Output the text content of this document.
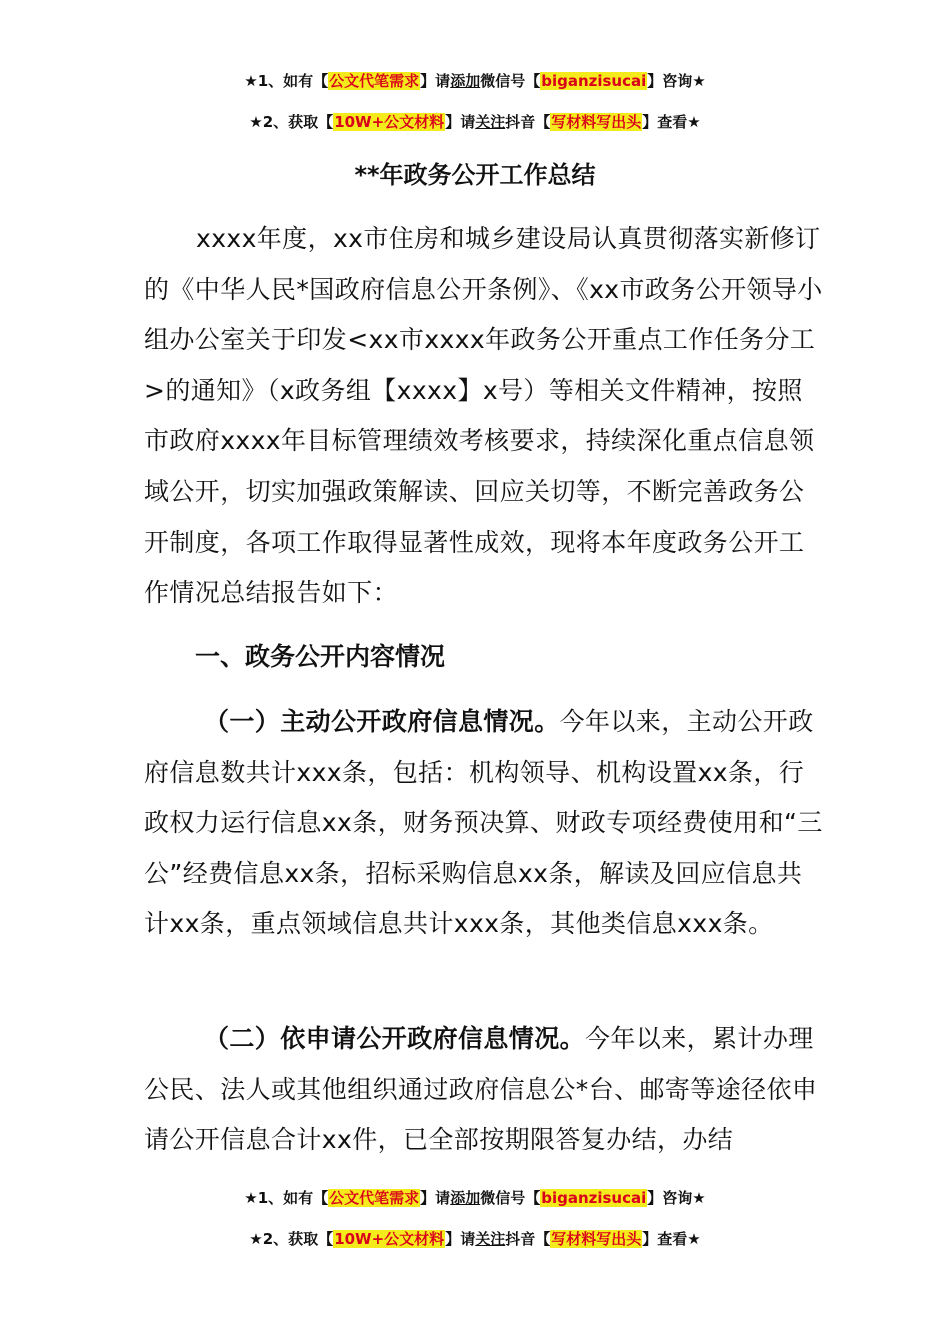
★1、如有【公文代笔需求】请添加微信号【biganzisucai】咨询★
★2、获取【10W+公文材料】请关注抖音【写材料写出头】查看★
**年政务公开工作总结
xxxx年度，xx市住房和城乡建设局认真贯彻落实新修订的《中华人民*国政府信息公开条例》、《xx市政务公开领导小组办公室关于印发<xx市xxxx年政务公开重点工作任务分工>的通知》（x政务组【xxxx】x号）等相关文件精神，按照市政府xxxx年目标管理绩效考核要求，持续深化重点信息领域公开，切实加强政策解读、回应关切等，不断完善政务公开制度，各项工作取得显著性成效，现将本年度政务公开工作情况总结报告如下：
一、政务公开内容情况
（一）主动公开政府信息情况。今年以来，主动公开政府信息数共计xxx条，包括：机构领导、机构设置xx条，行政权力运行信息xx条，财务预决算、财政专项经费使用和“三公”经费信息xx条，招标采购信息xx条，解读及回应信息共计xx条，重点领域信息共计xxx条，其他类信息xxx条。
（二）依申请公开政府信息情况。今年以来，累计办理公民、法人或其他组织通过政府信息公*台、邮寄等途径依申请公开信息合计xx件，已全部按期限答复办结，办结
★1、如有【公文代笔需求】请添加微信号【biganzisucai】咨询★
★2、获取【10W+公文材料】请关注抖音【写材料写出头】查看★
